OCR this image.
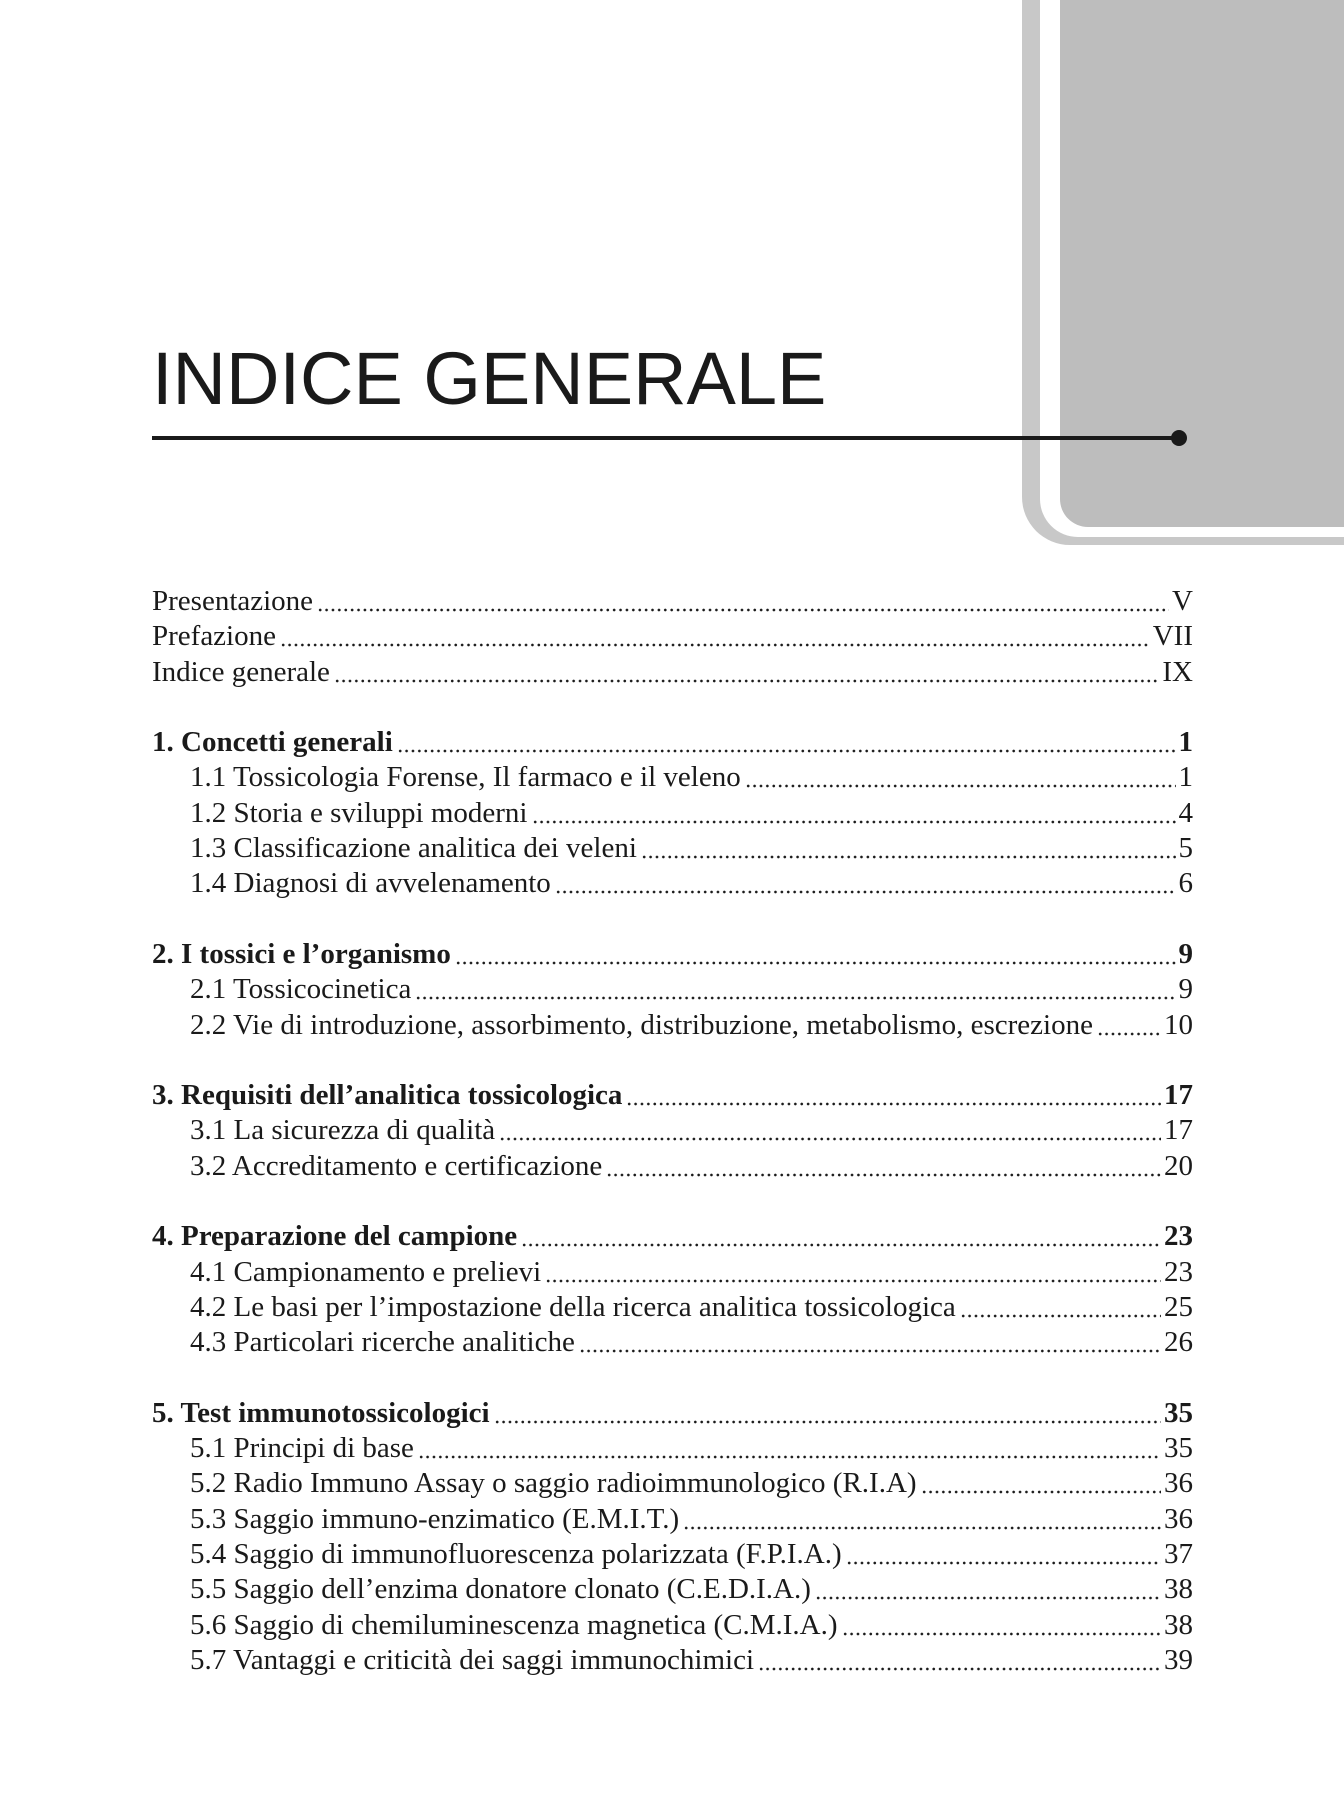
INDICE GENERALE
Presentazione	V
Prefazione	VII
Indice generale	IX
1. Concetti generali	1
1.1 Tossicologia Forense, Il farmaco e il veleno	1
1.2 Storia e sviluppi moderni	4
1.3 Classificazione analitica dei veleni	5
1.4 Diagnosi di avvelenamento	6
2. I tossici e l’organismo	9
2.1 Tossicocinetica	9
2.2 Vie di introduzione, assorbimento, distribuzione, metabolismo, escrezione 10
3. Requisiti dell’analitica tossicologica	17
3.1 La sicurezza di qualità	17
3.2 Accreditamento e certificazione	20
4. Preparazione del campione	23
4.1 Campionamento e prelievi	23
4.2 Le basi per l’impostazione della ricerca analitica tossicologica	25
4.3 Particolari ricerche analitiche	26
5. Test immunotossicologici	35
5.1 Principi di base	35
5.2 Radio Immuno Assay o saggio radioimmunologico (R.I.A)	36
5.3 Saggio immuno-enzimatico (E.M.I.T.)	36
5.4 Saggio di immunofluorescenza polarizzata (F.P.I.A.)	37
5.5 Saggio dell’enzima donatore clonato (C.E.D.I.A.)	38
5.6 Saggio di chemiluminescenza magnetica (C.M.I.A.)	38
5.7 Vantaggi e criticità dei saggi immunochimici	39
